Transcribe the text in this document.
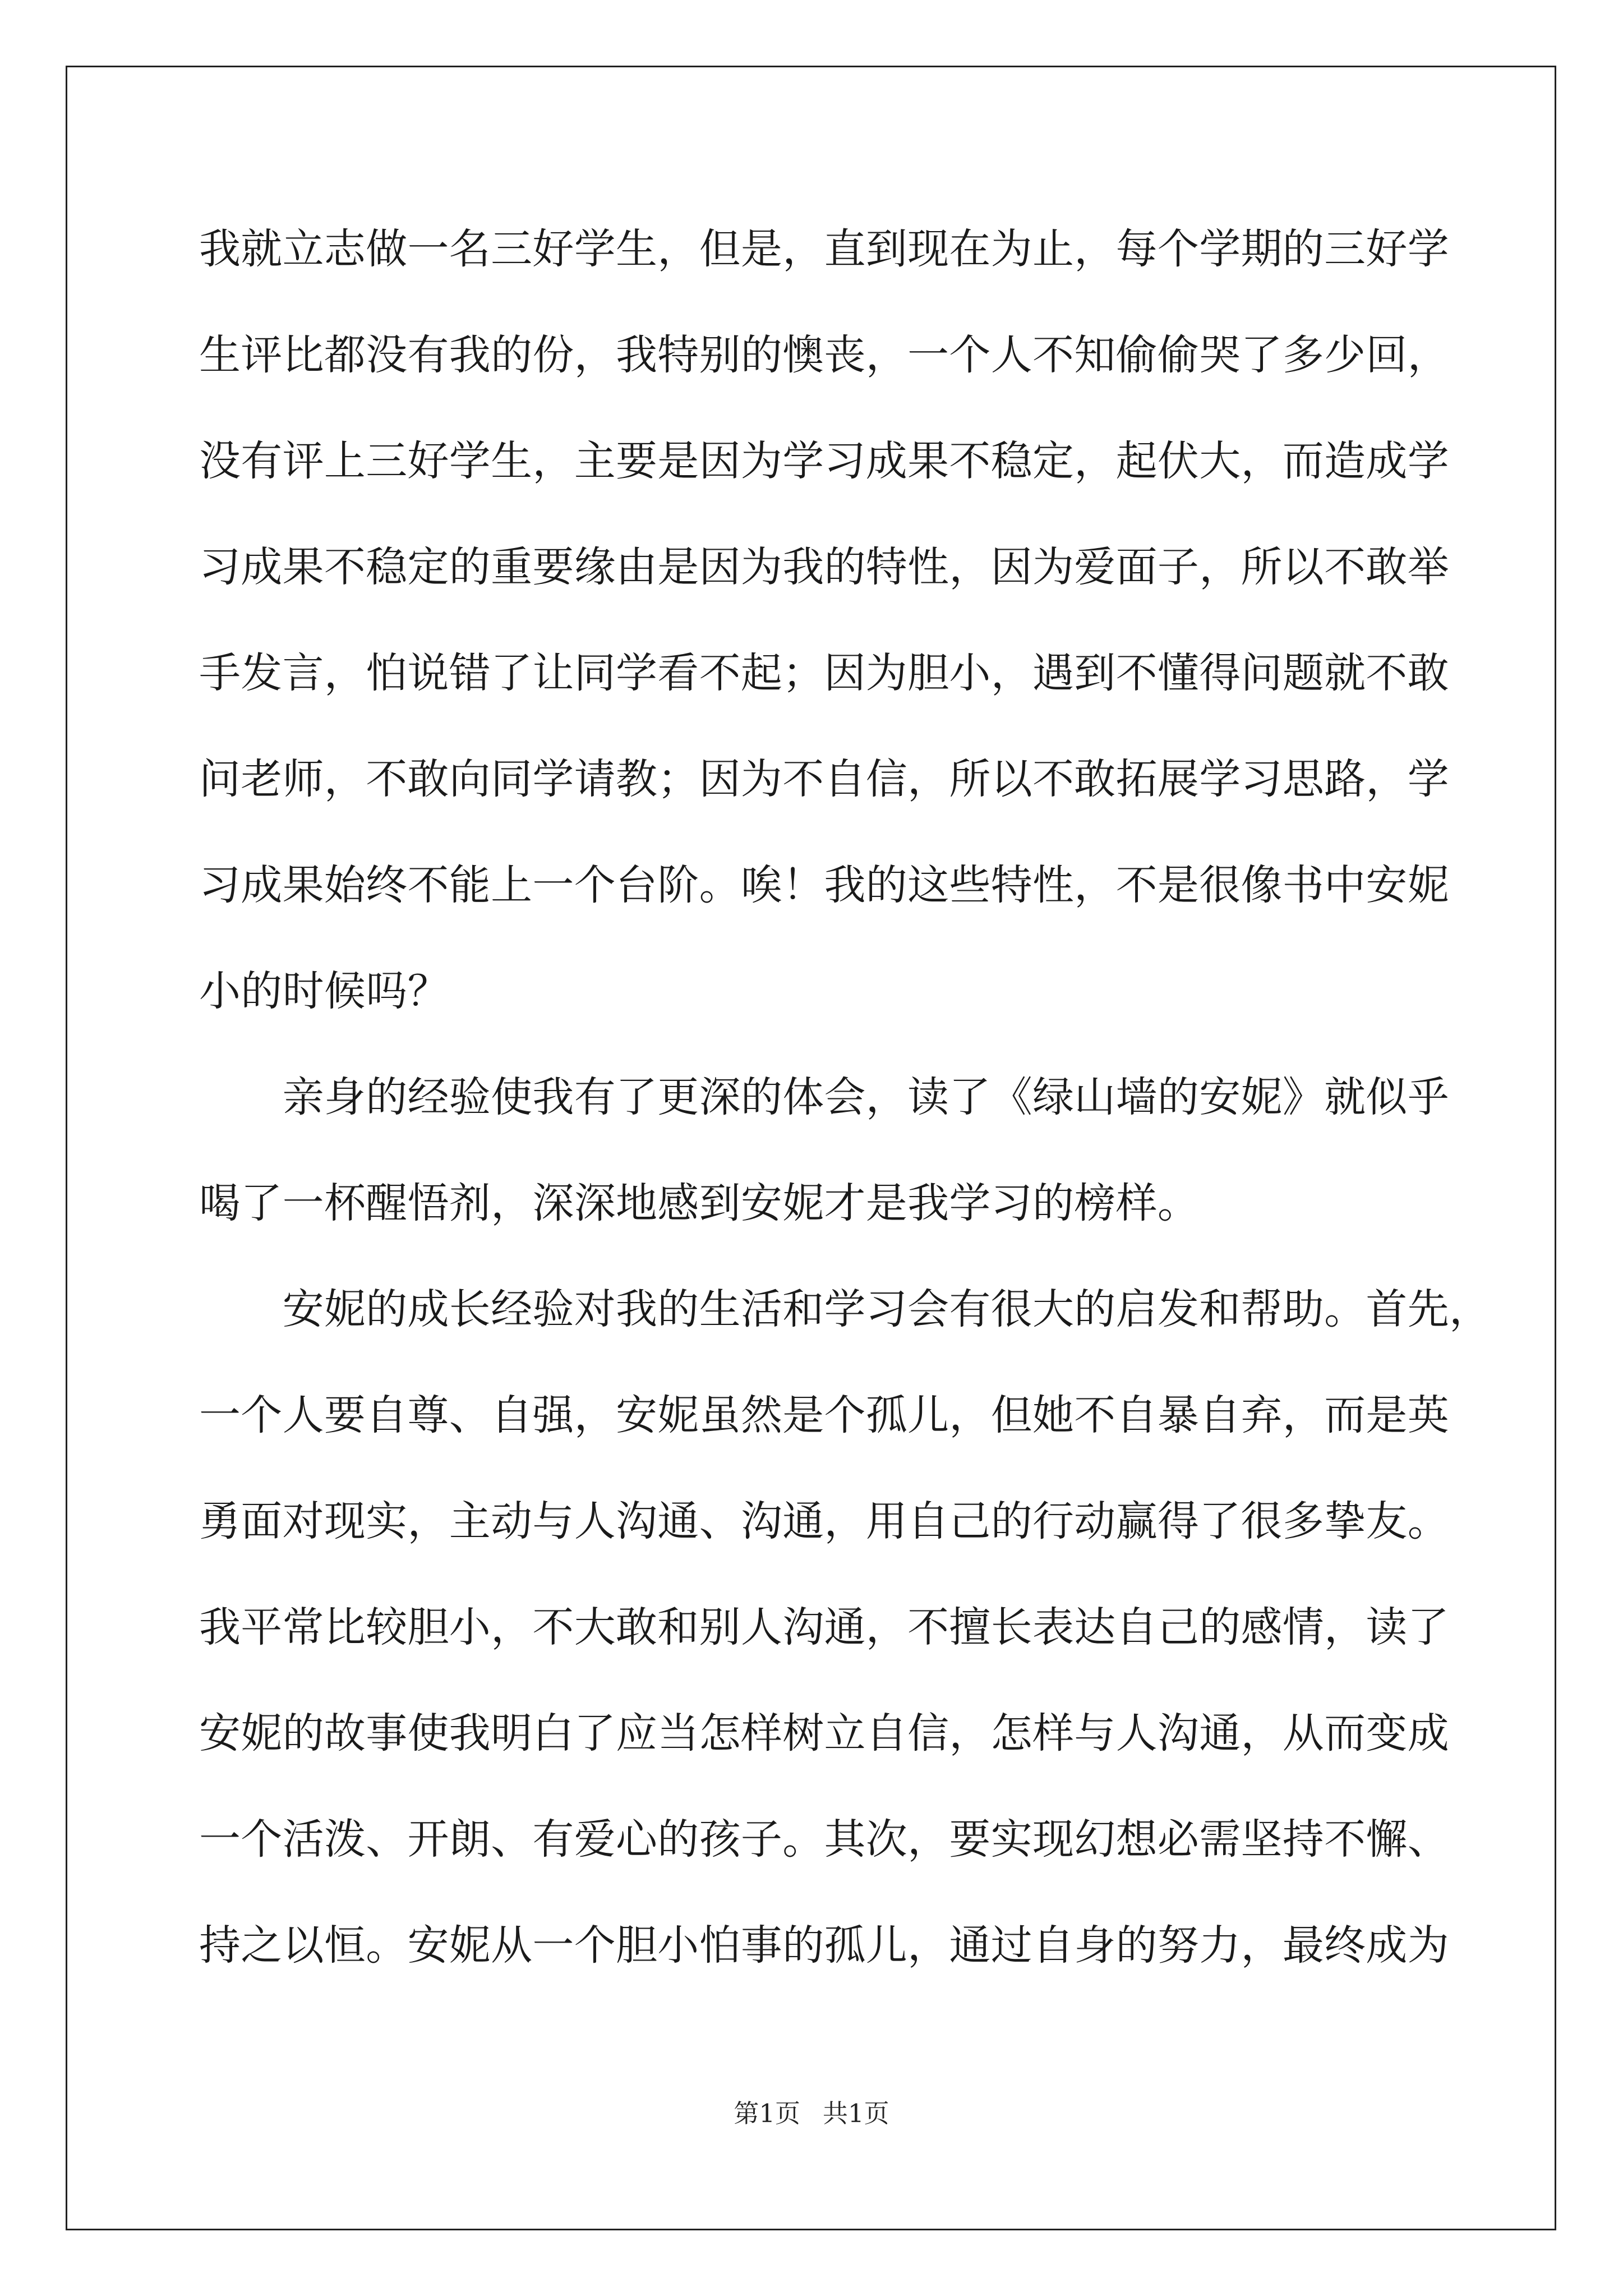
我就立志做一名三好学生，但是，直到现在为止，每个学期的三好学
生评比都没有我的份，我特别的懊丧，一个人不知偷偷哭了多少回，
没有评上三好学生，主要是因为学习成果不稳定，起伏大，而造成学
习成果不稳定的重要缘由是因为我的特性，因为爱面子，所以不敢举
手发言，怕说错了让同学看不起；因为胆小，遇到不懂得问题就不敢
问老师，不敢向同学请教；因为不自信，所以不敢拓展学习思路，学
习成果始终不能上一个台阶。唉！我的这些特性，不是很像书中安妮
小的时候吗？
　　亲身的经验使我有了更深的体会，读了《绿山墙的安妮》就似乎
喝了一杯醒悟剂，深深地感到安妮才是我学习的榜样。
　　安妮的成长经验对我的生活和学习会有很大的启发和帮助。首先，
一个人要自尊、自强，安妮虽然是个孤儿，但她不自暴自弃，而是英
勇面对现实，主动与人沟通、沟通，用自己的行动赢得了很多挚友。
我平常比较胆小，不大敢和别人沟通，不擅长表达自己的感情，读了
安妮的故事使我明白了应当怎样树立自信，怎样与人沟通，从而变成
一个活泼、开朗、有爱心的孩子。其次，要实现幻想必需坚持不懈、
持之以恒。安妮从一个胆小怕事的孤儿，通过自身的努力，最终成为
第1页 共1页
